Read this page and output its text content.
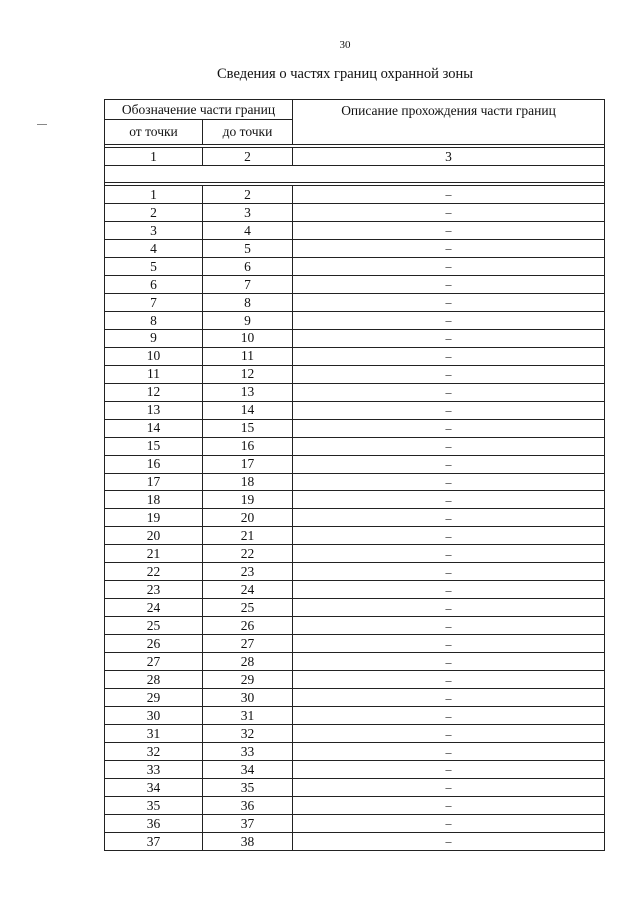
30
Сведения о частях границ охранной зоны
Обозначение части границ		Описание прохождения части границ
от точки	до точки	

1	2	3

1	2	–
2	3	–
3	4	–
4	5	–
5	6	–
6	7	–
7	8	–
8	9	–
9	10	–
10	11	–
11	12	–
12	13	–
13	14	–
14	15	–
15	16	–
16	17	–
17	18	–
18	19	–
19	20	–
20	21	–
21	22	–
22	23	–
23	24	–
24	25	–
25	26	–
26	27	–
27	28	–
28	29	–
29	30	–
30	31	–
31	32	–
32	33	–
33	34	–
34	35	–
35	36	–
36	37	–
37	38	–
